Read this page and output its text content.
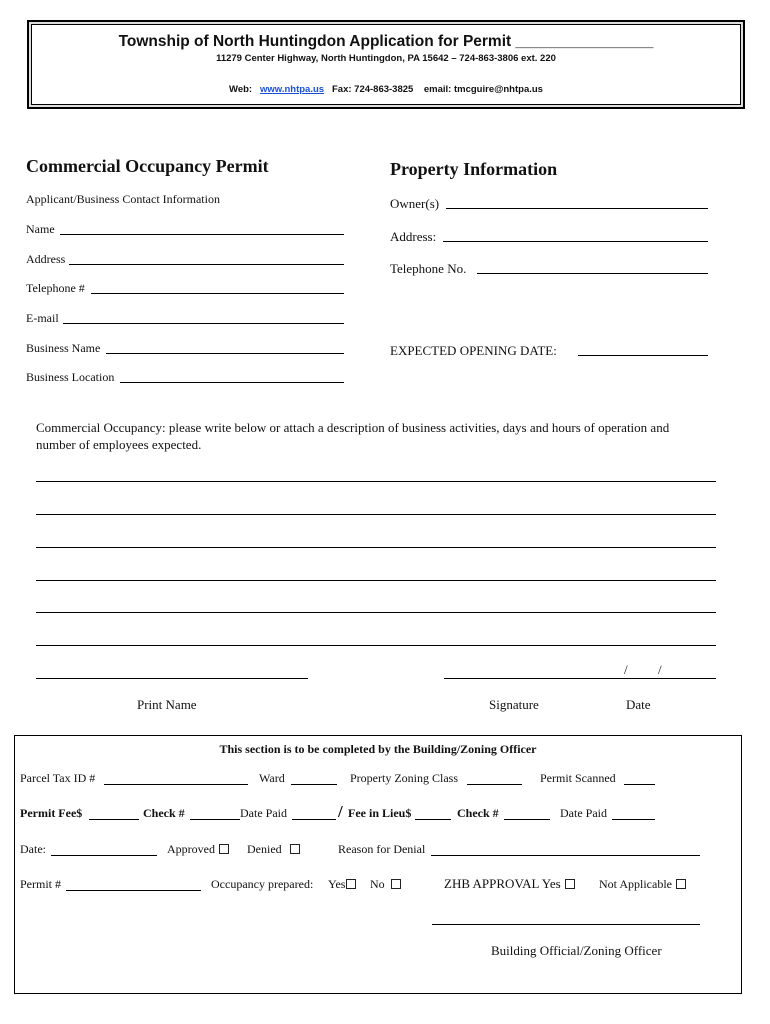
Township of North Huntingdon Application for Permit ________________
11279 Center Highway, North Huntingdon, PA 15642 – 724-863-3806 ext. 220
Web: www.nhtpa.us Fax: 724-863-3825 email: tmcguire@nhtpa.us
Commercial Occupancy Permit
Applicant/Business Contact Information
Name
Address
Telephone #
E-mail
Business Name
Business Location
Property Information
Owner(s)
Address:
Telephone No.
EXPECTED OPENING DATE:
Commercial Occupancy: please write below or attach a description of business activities, days and hours of operation and
number of employees expected.
/ /
Print Name	Signature	Date
This section is to be completed by the Building/Zoning Officer
Parcel Tax ID #	Ward	Property Zoning Class	Permit Scanned
Permit Fee$	Check #	Date Paid	/ Fee in Lieu$	Check #	Date Paid
Date:	Approved	Denied	Reason for Denial
Permit #	Occupancy prepared: Yes	No	ZHB APPROVAL Yes	Not Applicable
Building Official/Zoning Officer
